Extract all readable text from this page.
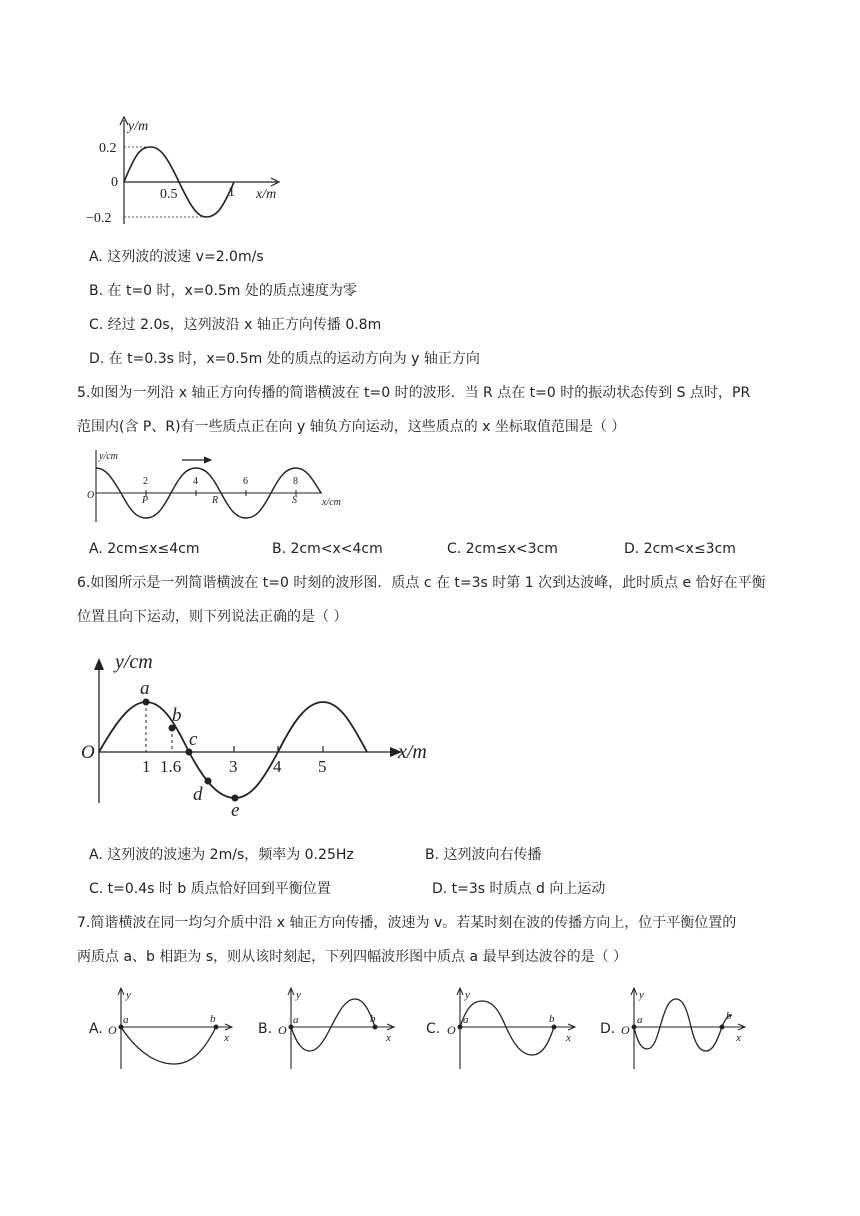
y/m
0.2
0
−0.2
0.5	1 x/m
A. 这列波的波速 v=2.0m/s
B. 在 t=0 时，x=0.5m 处的质点速度为零
C. 经过 2.0s，这列波沿 x 轴正方向传播 0.8m
D. 在 t=0.3s 时，x=0.5m 处的质点的运动方向为 y 轴正方向
5.如图为一列沿 x 轴正方向传播的简谐横波在 t=0 时的波形．当 R 点在 t=0 时的振动状态传到 S 点时，PR
范围内(含 P、R)有一些质点正在向 y 轴负方向运动，这些质点的 x 坐标取值范围是（ ）
y/cm
O
2	4	6	8
P	R	S	x/cm
A. 2cm≤x≤4cm	B. 2cm<x<4cm	C. 2cm≤x<3cm	D. 2cm<x≤3cm
6.如图所示是一列简谐横波在 t=0 时刻的波形图．质点 c 在 t=3s 时第 1 次到达波峰，此时质点 e 恰好在平衡
位置且向下运动，则下列说法正确的是（ ）
y/cm
O
a
b
c
d
e
1 1.6	3 4 5
x/m
A. 这列波的波速为 2m/s，频率为 0.25Hz	B. 这列波向右传播
C. t=0.4s 时 b 质点恰好回到平衡位置	D. t=3s 时质点 d 向上运动
7.简谐横波在同一均匀介质中沿 x 轴正方向传播，波速为 v。若某时刻在波的传播方向上，位于平衡位置的
两质点 a、b 相距为 s，则从该时刻起，下列四幅波形图中质点 a 最早到达波谷的是（ ）
A.
y
O
a	b
x
B.
y
O
a	b
x
C.
y
O
a	b
x
D.
y
O
a	b
x
